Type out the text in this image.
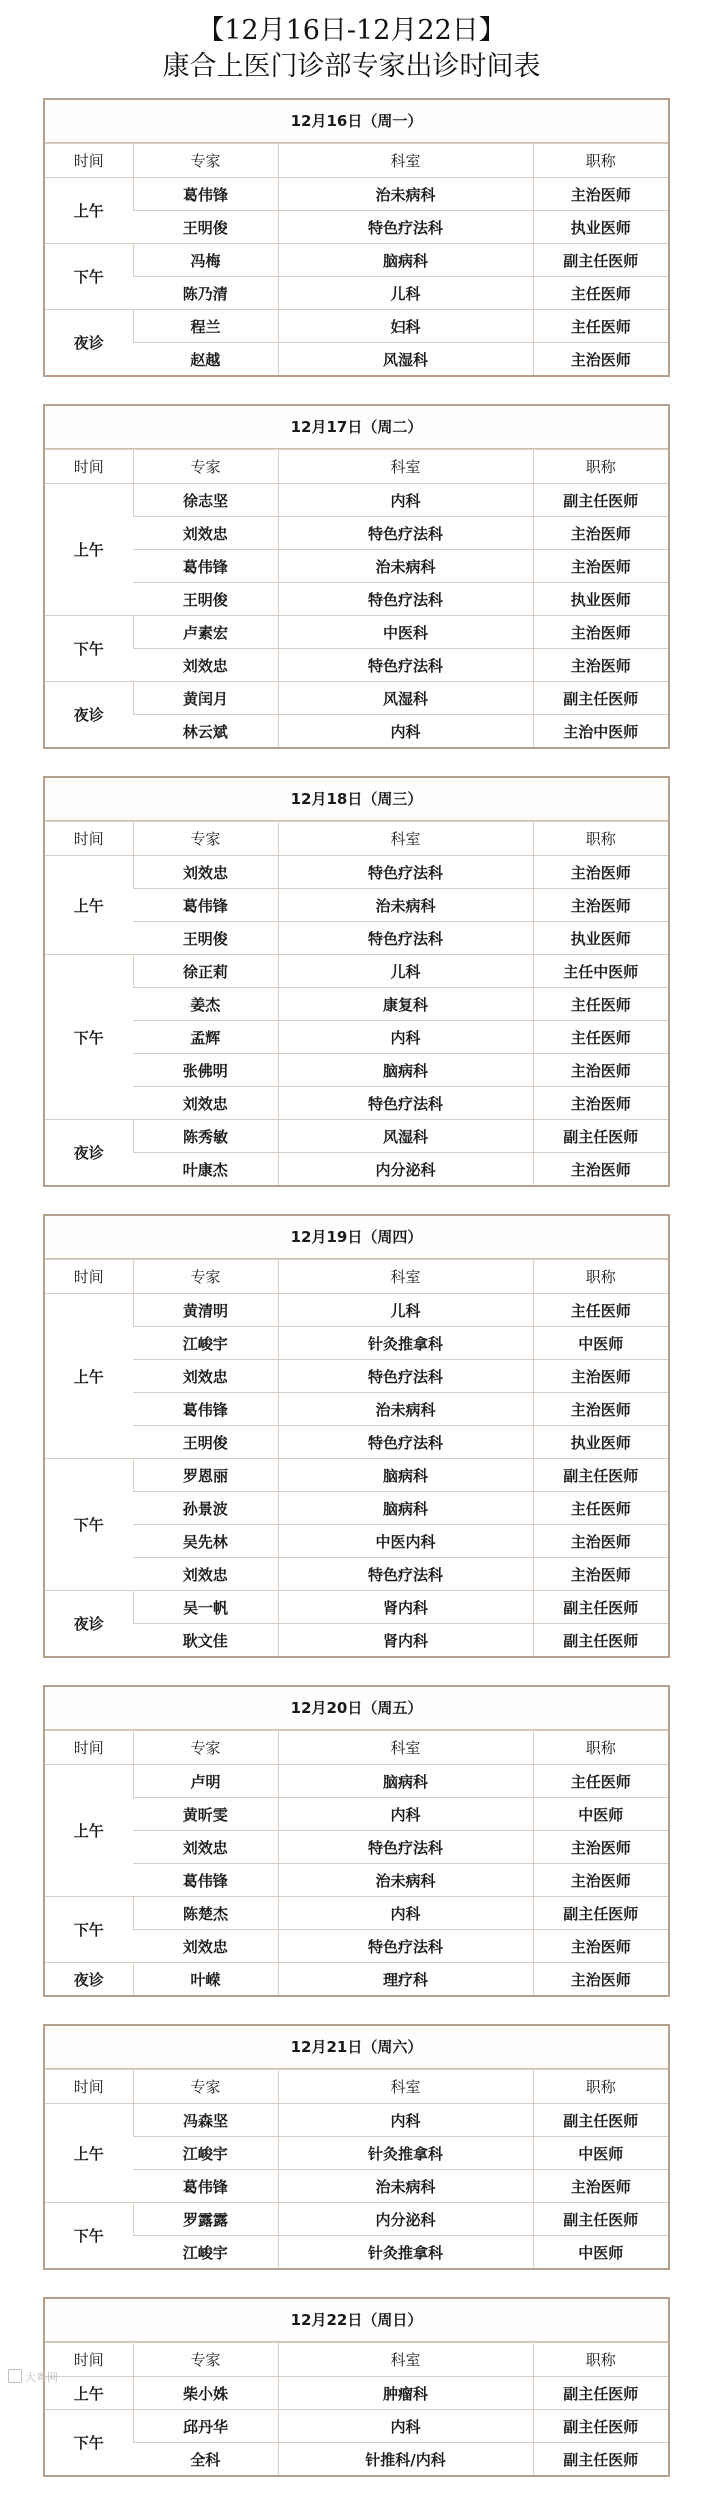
【12月16日-12月22日】
康合上医门诊部专家出诊时间表
12月16日（周一）
时间	专家	科室	职称
上午	葛伟锋	治未病科	主治医师
	王明俊	特色疗法科	执业医师
下午	冯梅	脑病科	副主任医师
	陈乃清	儿科	主任医师
夜诊	程兰	妇科	主任医师
	赵越	风湿科	主治医师
12月17日（周二）
时间	专家	科室	职称
上午	徐志坚	内科	副主任医师
	刘效忠	特色疗法科	主治医师
	葛伟锋	治未病科	主治医师
	王明俊	特色疗法科	执业医师
下午	卢素宏	中医科	主治医师
	刘效忠	特色疗法科	主治医师
夜诊	黄闰月	风湿科	副主任医师
	林云斌	内科	主治中医师
12月18日（周三）
时间	专家	科室	职称
上午	刘效忠	特色疗法科	主治医师
	葛伟锋	治未病科	主治医师
	王明俊	特色疗法科	执业医师
下午	徐正莉	儿科	主任中医师
	姜杰	康复科	主任医师
	孟辉	内科	主任医师
	张佛明	脑病科	主治医师
	刘效忠	特色疗法科	主治医师
夜诊	陈秀敏	风湿科	副主任医师
	叶康杰	内分泌科	主治医师
12月19日（周四）
时间	专家	科室	职称
上午	黄清明	儿科	主任医师
	江峻宇	针灸推拿科	中医师
	刘效忠	特色疗法科	主治医师
	葛伟锋	治未病科	主治医师
	王明俊	特色疗法科	执业医师
下午	罗恩丽	脑病科	副主任医师
	孙景波	脑病科	主任医师
	吴先林	中医内科	主治医师
	刘效忠	特色疗法科	主治医师
夜诊	吴一帆	肾内科	副主任医师
	耿文佳	肾内科	副主任医师
12月20日（周五）
时间	专家	科室	职称
上午	卢明	脑病科	主任医师
	黄昕雯	内科	中医师
	刘效忠	特色疗法科	主治医师
	葛伟锋	治未病科	主治医师
下午	陈楚杰	内科	副主任医师
	刘效忠	特色疗法科	主治医师
夜诊	叶嵘	理疗科	主治医师
12月21日（周六）
时间	专家	科室	职称
上午	冯森坚	内科	副主任医师
	江峻宇	针灸推拿科	中医师
	葛伟锋	治未病科	主治医师
下午	罗露露	内分泌科	副主任医师
	江峻宇	针灸推拿科	中医师
12月22日（周日）
时间	专家	科室	职称
上午	柴小姝	肿瘤科	副主任医师
下午	邱丹华	内科	副主任医师
	全科	针推科/内科	副主任医师
大粤网
